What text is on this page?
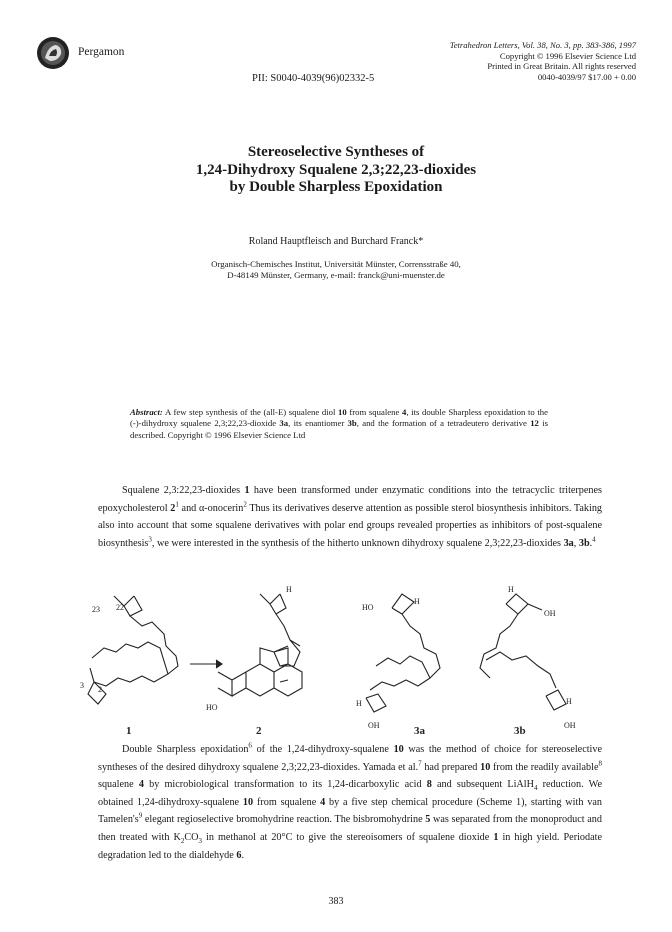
Pergamon
Tetrahedron Letters, Vol. 38, No. 3, pp. 383-386, 1997
Copyright © 1996 Elsevier Science Ltd
Printed in Great Britain. All rights reserved
0040-4039/97 $17.00 + 0.00
PII: S0040-4039(96)02332-5
Stereoselective Syntheses of
1,24-Dihydroxy Squalene 2,3;22,23-dioxides
by Double Sharpless Epoxidation
Roland Hauptfleisch and Burchard Franck*
Organisch-Chemisches Institut, Universität Münster, Corrensstraße 40,
D-48149 Münster, Germany, e-mail: franck@uni-muenster.de
Abstract: A few step synthesis of the (all-E) squalene diol 10 from squalene 4, its double Sharpless epoxidation to the (-)-dihydroxy squalene 2,3;22,23-dioxide 3a, its enantiomer 3b, and the formation of a tetradeutero derivative 12 is described. Copyright © 1996 Elsevier Science Ltd
Squalene 2,3:22,23-dioxides 1 have been transformed under enzymatic conditions into the tetracyclic triterpenes epoxycholesterol $2^1$ and α-onocerin$^2$ Thus its derivatives deserve attention as possible sterol biosynthesis inhibitors. Taking also into account that some squalene derivatives with polar end groups revealed properties as inhibitors of post-squalene biosynthesis$^3$, we were interested in the synthesis of the hitherto unknown dihydroxy squalene 2,3;22,23-dioxides 3a, 3b.$^4$
23 22
3 2
1
HO
H
2
HO
H
H
OH	3a
H
OH
H
OH
3b
Double Sharpless epoxidation$^6$ of the 1,24-dihydroxy-squalene 10 was the method of choice for stereoselective syntheses of the desired dihydroxy squalene 2,3;22,23-dioxides. Yamada et al.$^7$ had prepared 10 from the readily available$^8$ squalene 4 by microbiological transformation to its 1,24-dicarboxylic acid 8 and subsequent LiAlH$_4$ reduction. We obtained 1,24-dihydroxy-squalene 10 from squalene 4 by a five step chemical procedure (Scheme 1), starting with van $Tamelen's^9$ elegant regioselective bromohydrine reaction. The bisbromohydrine 5 was separated from the monoproduct and then treated with $K_2CO_3$ in methanol at 20°C to give the stereoisomers of squalene dioxide 1 in high yield. Periodate degradation led to the dialdehyde 6.
383
